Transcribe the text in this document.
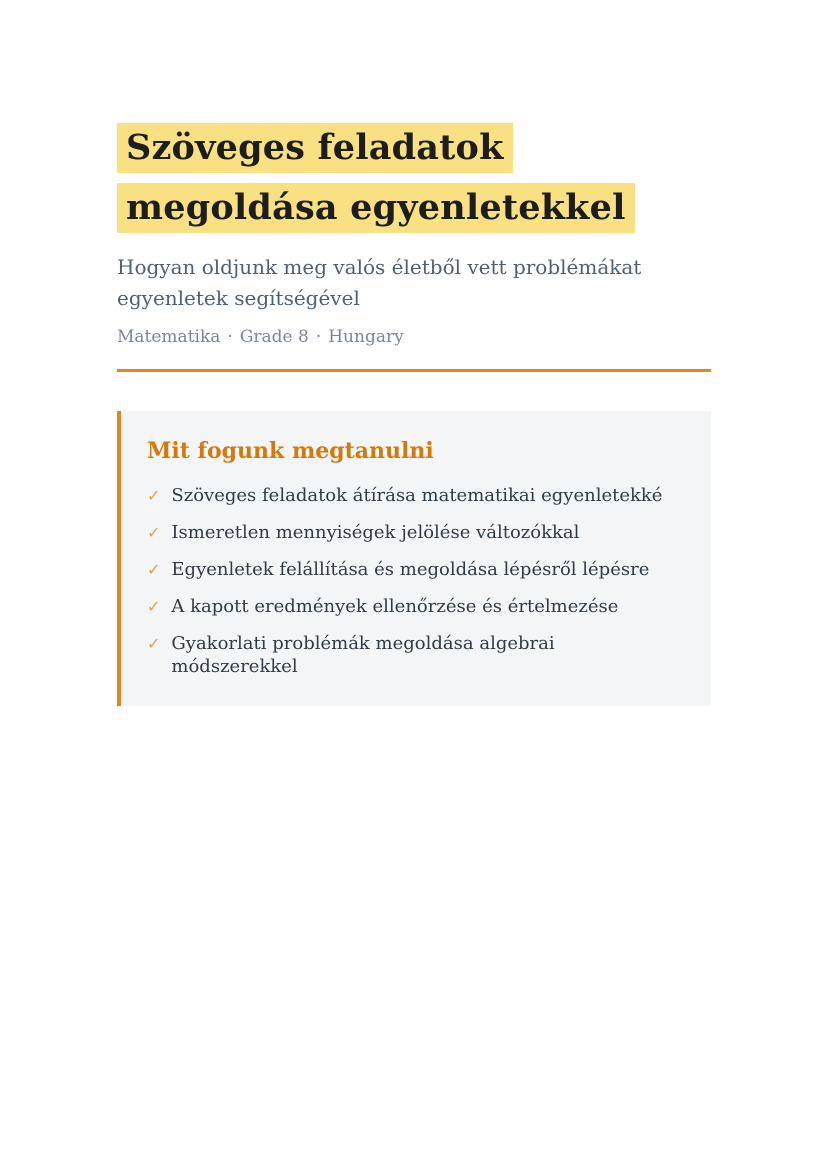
Szöveges feladatok megoldása egyenletekkel

Hogyan oldjunk meg valós életből vett problémákat egyenletek segítségével

Matematika · Grade 8 · Hungary

Mit fogunk megtanulni
✓ Szöveges feladatok átírása matematikai egyenletekké
✓ Ismeretlen mennyiségek jelölése változókkal
✓ Egyenletek felállítása és megoldása lépésről lépésre
✓ A kapott eredmények ellenőrzése és értelmezése
✓ Gyakorlati problémák megoldása algebrai módszerekkel
